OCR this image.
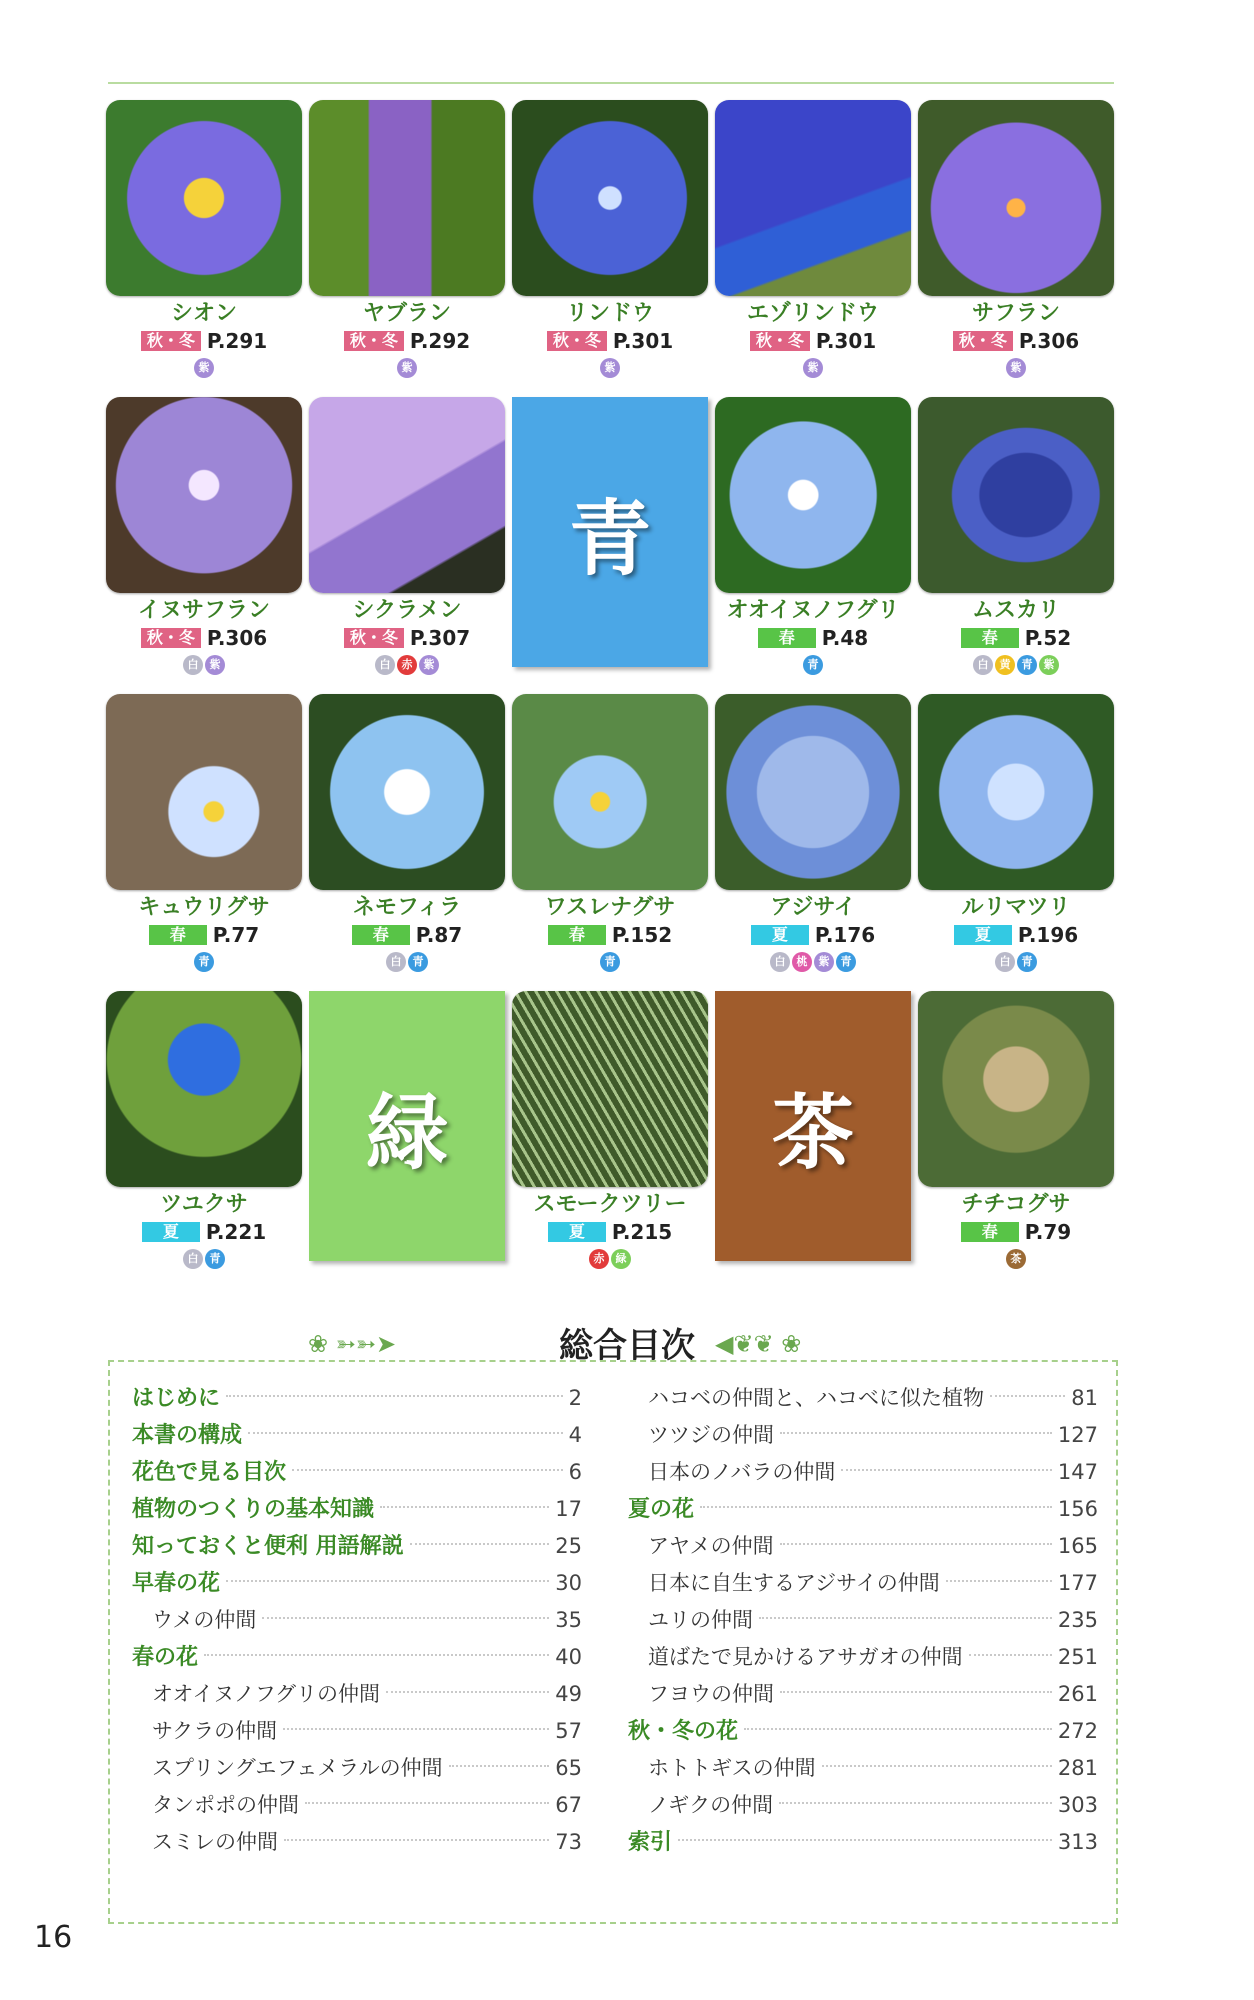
シオン
秋・冬 P.291
紫
ヤブラン
秋・冬 P.292
紫
リンドウ
秋・冬 P.301
紫
エゾリンドウ
秋・冬 P.301
紫
サフラン
秋・冬 P.306
紫
イヌサフラン
秋・冬 P.306
白 紫
シクラメン
秋・冬 P.307
白 赤 紫
青
オオイヌノフグリ
春 P.48
青
ムスカリ
春 P.52
白 黄 青 紫
キュウリグサ
春 P.77
青
ネモフィラ
春 P.87
白 青
ワスレナグサ
春 P.152
青
アジサイ
夏 P.176
白 桃 紫 青
ルリマツリ
夏 P.196
白 青
ツユクサ
夏 P.221
白 青
緑
スモークツリー
夏 P.215
赤 緑
茶
チチコグサ
春 P.79
茶
❀ ➳➳➤	総合目次 ◀❦❦ ❀
はじめに	2
本書の構成	4
花色で見る目次	6
植物のつくりの基本知識	17
知っておくと便利 用語解説	25
早春の花	30
ウメの仲間	35
春の花	40
オオイヌノフグリの仲間	49
サクラの仲間	57
スプリングエフェメラルの仲間	65
タンポポの仲間	67
スミレの仲間	73
ハコベの仲間と、ハコベに似た植物	81
ツツジの仲間	127
日本のノバラの仲間	147
夏の花	156
アヤメの仲間	165
日本に自生するアジサイの仲間	177
ユリの仲間	235
道ばたで見かけるアサガオの仲間	251
フヨウの仲間	261
秋・冬の花	272
ホトトギスの仲間	281
ノギクの仲間	303
索引	313
16
